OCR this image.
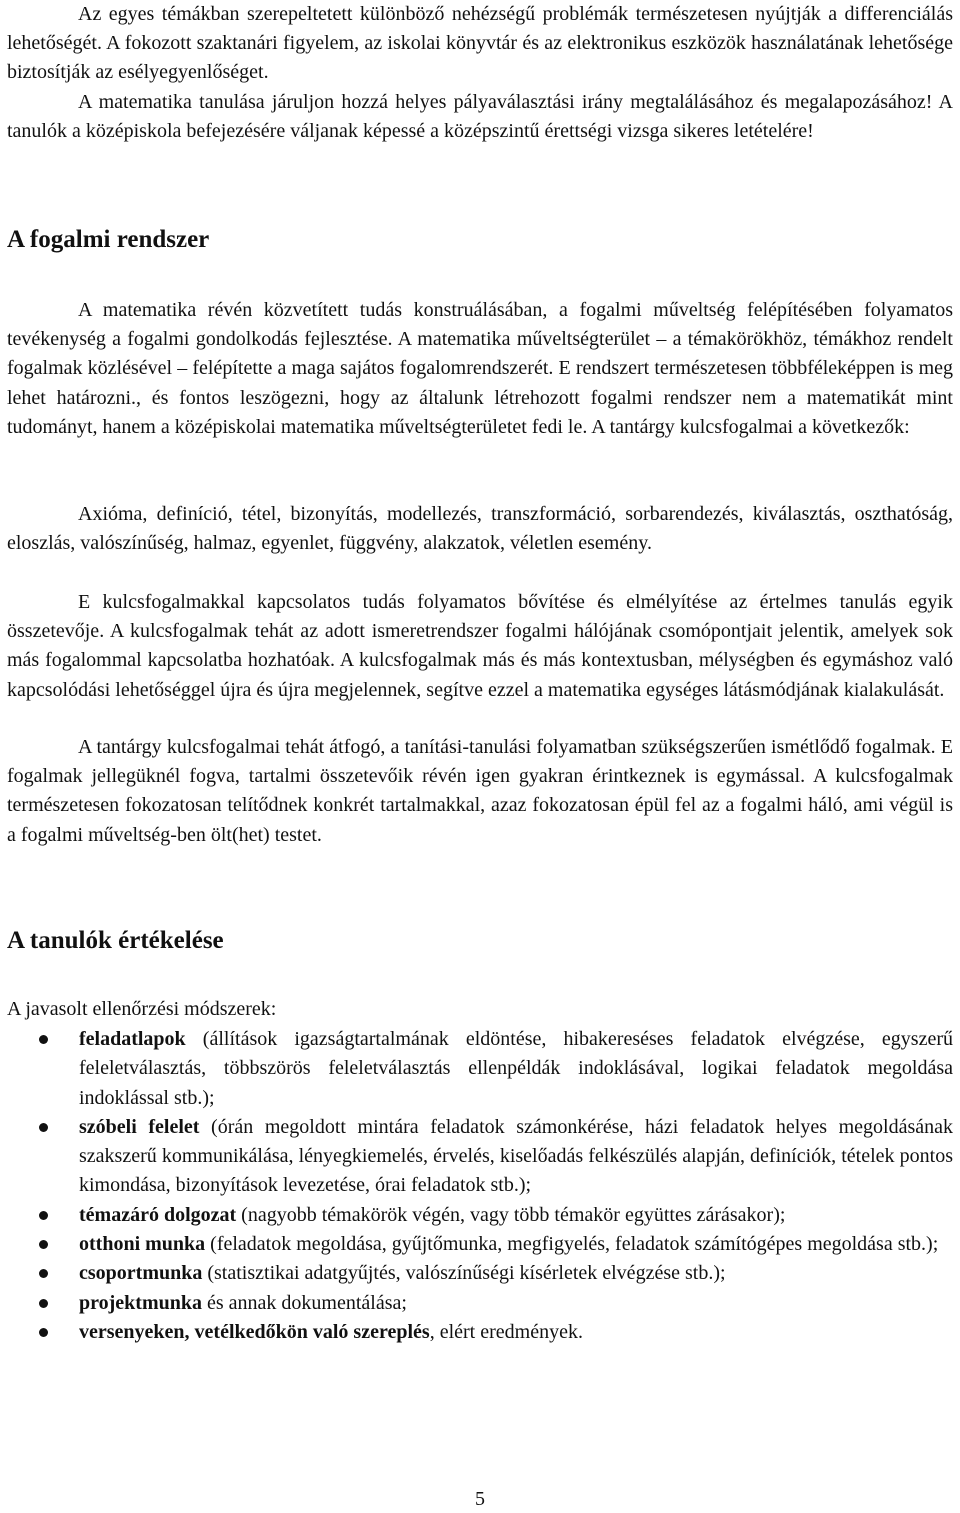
Az egyes témákban szerepeltetett különböző nehézségű problémák természetesen nyújtják a differenciálás lehetőségét. A fokozott szaktanári figyelem, az iskolai könyvtár és az elektronikus eszközök használatának lehetősége biztosítják az esélyegyenlőséget.

A matematika tanulása járuljon hozzá helyes pályaválasztási irány megtalálásához és megalapozásához! A tanulók a középiskola befejezésére váljanak képessé a középszintű érettségi vizsga sikeres letételére!

A fogalmi rendszer

A matematika révén közvetített tudás konstruálásában, a fogalmi műveltség felépítésében folyamatos tevékenység a fogalmi gondolkodás fejlesztése. A matematika műveltségterület – a témakörökhöz, témákhoz rendelt fogalmak közlésével – felépítette a maga sajátos fogalomrendszerét. E rendszert természetesen többféleképpen is meg lehet határozni., és fontos leszögezni, hogy az általunk létrehozott fogalmi rendszer nem a matematikát mint tudományt, hanem a középiskolai matematika műveltségterületet fedi le. A tantárgy kulcsfogalmai a következők:

Axióma, definíció, tétel, bizonyítás, modellezés, transzformáció, sorbarendezés, kiválasztás, oszthatóság, eloszlás, valószínűség, halmaz, egyenlet, függvény, alakzatok, véletlen esemény.

E kulcsfogalmakkal kapcsolatos tudás folyamatos bővítése és elmélyítése az értelmes tanulás egyik összetevője. A kulcsfogalmak tehát az adott ismeretrendszer fogalmi hálójának csomópontjait jelentik, amelyek sok más fogalommal kapcsolatba hozhatóak. A kulcsfogalmak más és más kontextusban, mélységben és egymáshoz való kapcsolódási lehetőséggel újra és újra megjelennek, segítve ezzel a matematika egységes látásmódjának kialakulását.

A tantárgy kulcsfogalmai tehát átfogó, a tanítási-tanulási folyamatban szükségszerűen ismétlődő fogalmak. E fogalmak jellegüknél fogva, tartalmi összetevőik révén igen gyakran érintkeznek is egymással. A kulcsfogalmak természetesen fokozatosan telítődnek konkrét tartalmakkal, azaz fokozatosan épül fel az a fogalmi háló, ami végül is a fogalmi műveltség-ben ölt(het) testet.

A tanulók értékelése

A javasolt ellenőrzési módszerek:

feladatlapok (állítások igazságtartalmának eldöntése, hibakereséses feladatok elvégzése, egyszerű feleletválasztás, többszörös feleletválasztás ellenpéldák indoklásával, logikai feladatok megoldása indoklással stb.);
szóbeli felelet (órán megoldott mintára feladatok számonkérése, házi feladatok helyes megoldásának szakszerű kommunikálása, lényegkiemelés, érvelés, kiselőadás felkészülés alapján, definíciók, tételek pontos kimondása, bizonyítások levezetése, órai feladatok stb.);
témazáró dolgozat (nagyobb témakörök végén, vagy több témakör együttes zárásakor);
otthoni munka (feladatok megoldása, gyűjtőmunka, megfigyelés, feladatok számítógépes megoldása stb.);
csoportmunka (statisztikai adatgyűjtés, valószínűségi kísérletek elvégzése stb.);
projektmunka és annak dokumentálása;
versenyeken, vetélkedőkön való szereplés, elért eredmények.
5
